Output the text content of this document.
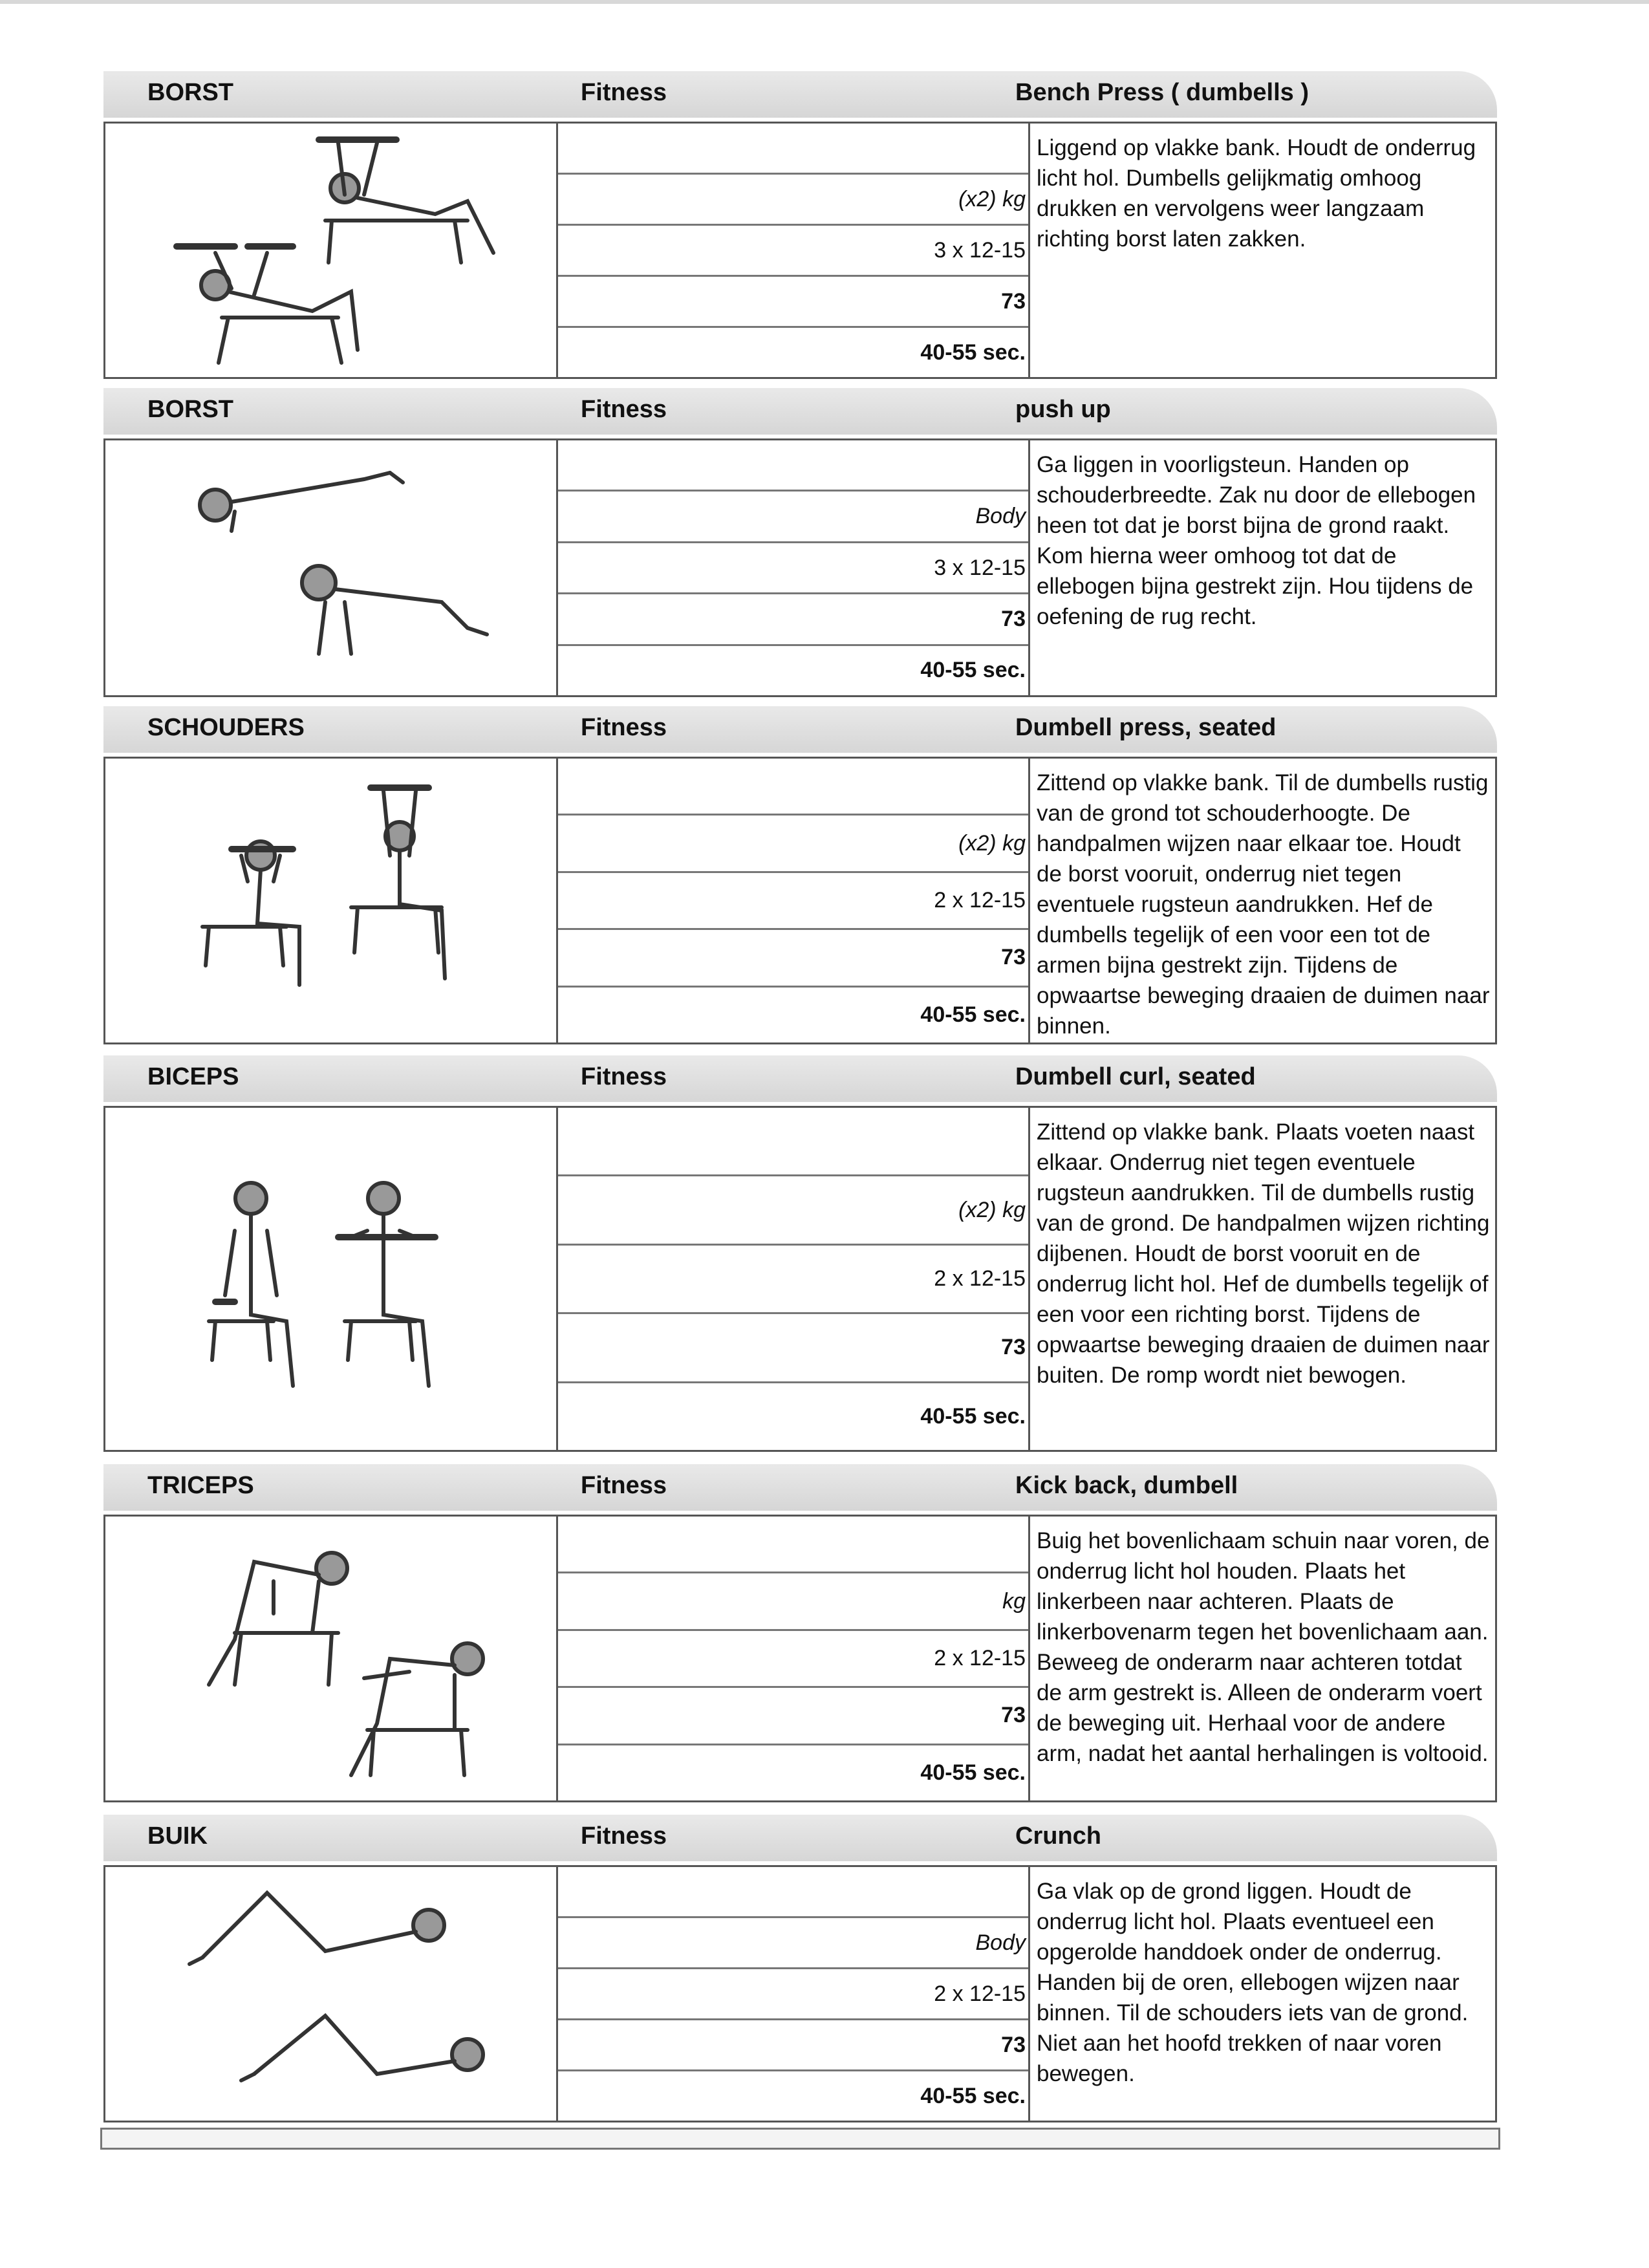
BORST	Fitness	Bench Press ( dumbells )
(x2) kg
3 x 12-15
73
40-55 sec.
Liggend op vlakke bank. Houdt de onderrug licht hol. Dumbells gelijkmatig omhoog drukken en vervolgens weer langzaam richting borst laten zakken.
BORST	Fitness	push up
Body
3 x 12-15
73
40-55 sec.
Ga liggen in voorligsteun. Handen op schouderbreedte. Zak nu door de ellebogen heen tot dat je borst bijna de grond raakt. Kom hierna weer omhoog tot dat de ellebogen bijna gestrekt zijn. Hou tijdens de oefening de rug recht.
SCHOUDERS	Fitness	Dumbell press, seated
(x2) kg
2 x 12-15
73
40-55 sec.
Zittend op vlakke bank. Til de dumbells rustig van de grond tot schouderhoogte. De handpalmen wijzen naar elkaar toe. Houdt de borst vooruit, onderrug niet tegen eventuele rugsteun aandrukken. Hef de dumbells tegelijk of een voor een tot de armen bijna gestrekt zijn. Tijdens de opwaartse beweging draaien de duimen naar binnen.
BICEPS	Fitness	Dumbell curl, seated
(x2) kg
2 x 12-15
73
40-55 sec.
Zittend op vlakke bank. Plaats voeten naast elkaar. Onderrug niet tegen eventuele rugsteun aandrukken. Til de dumbells rustig van de grond. De handpalmen wijzen richting dijbenen. Houdt de borst vooruit en de onderrug licht hol. Hef de dumbells tegelijk of een voor een richting borst. Tijdens de opwaartse beweging draaien de duimen naar buiten. De romp wordt niet bewogen.
TRICEPS	Fitness	Kick back, dumbell
kg
2 x 12-15
73
40-55 sec.
Buig het bovenlichaam schuin naar voren, de onderrug licht hol houden. Plaats het linkerbeen naar achteren. Plaats de linkerbovenarm tegen het bovenlichaam aan. Beweeg de onderarm naar achteren totdat de arm gestrekt is. Alleen de onderarm voert de beweging uit. Herhaal voor de andere arm, nadat het aantal herhalingen is voltooid.
BUIK	Fitness	Crunch
Body
2 x 12-15
73
40-55 sec.
Ga vlak op de grond liggen. Houdt de onderrug licht hol. Plaats eventueel een opgerolde handdoek onder de onderrug. Handen bij de oren, ellebogen wijzen naar binnen. Til de schouders iets van de grond. Niet aan het hoofd trekken of naar voren bewegen.
